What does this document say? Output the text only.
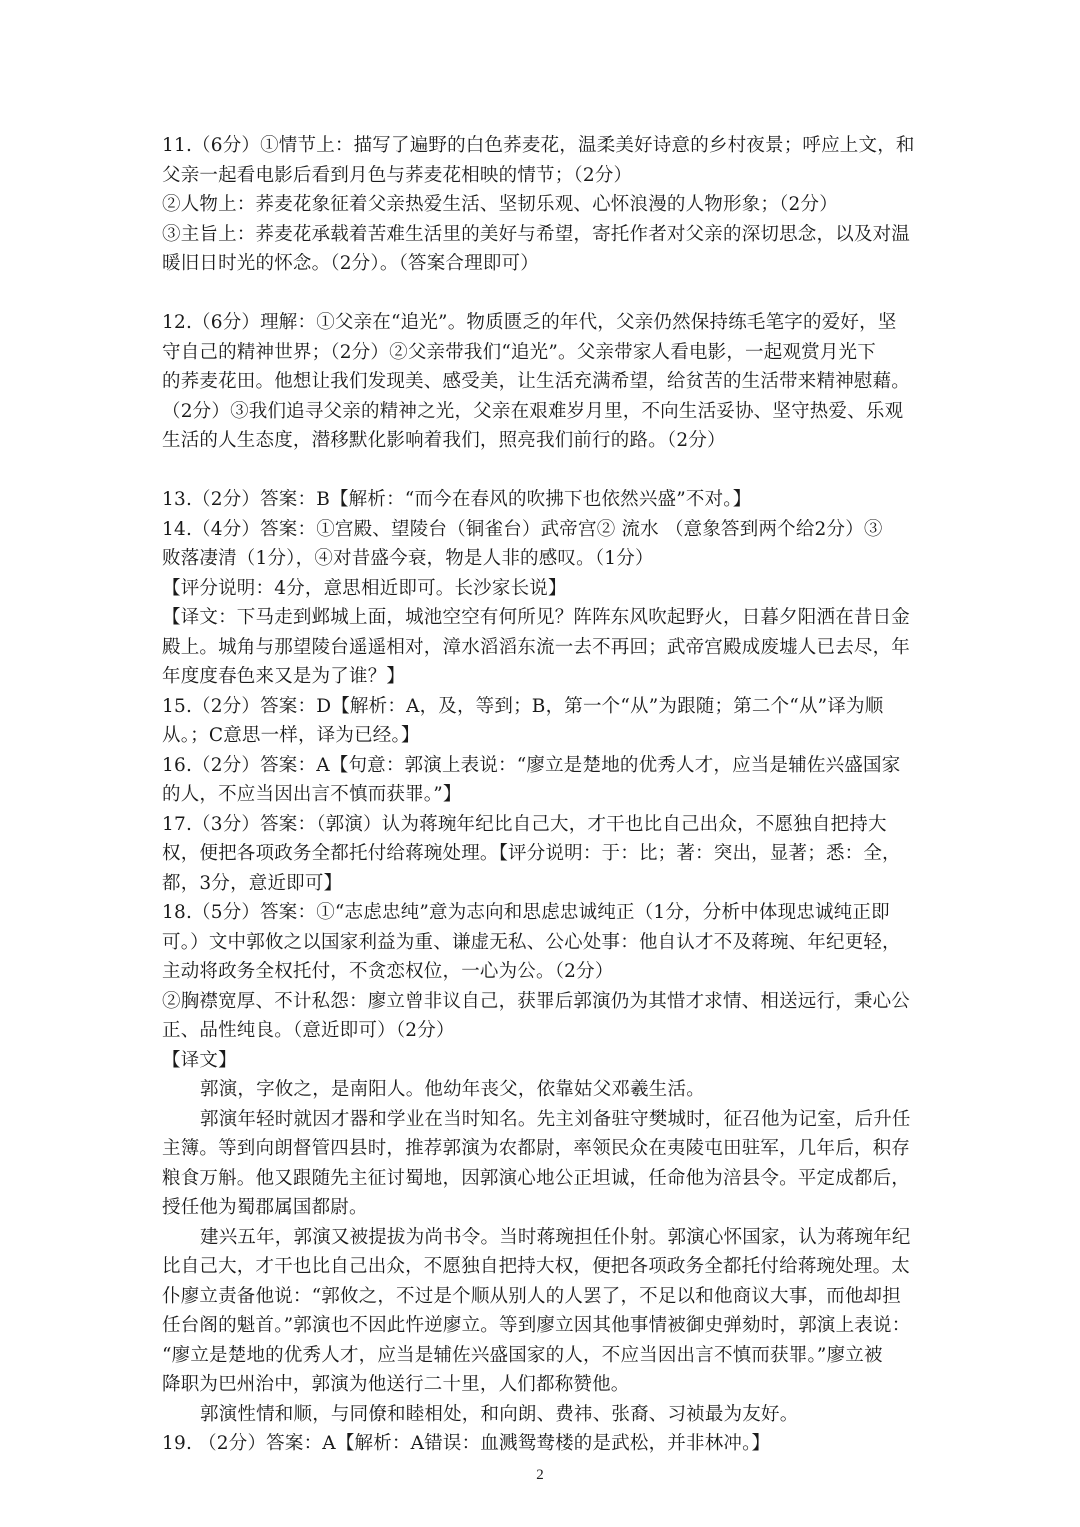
11.（6分）①情节上：描写了遍野的白色荞麦花，温柔美好诗意的乡村夜景；呼应上文，和
父亲一起看电影后看到月色与荞麦花相映的情节；（2分）
②人物上：荞麦花象征着父亲热爱生活、坚韧乐观、心怀浪漫的人物形象；（2分）
③主旨上：荞麦花承载着苦难生活里的美好与希望，寄托作者对父亲的深切思念，以及对温
暖旧日时光的怀念。（2分）。（答案合理即可）
12.（6分）理解：①父亲在“追光”。物质匮乏的年代，父亲仍然保持练毛笔字的爱好，坚
守自己的精神世界；（2分）②父亲带我们“追光”。父亲带家人看电影，一起观赏月光下
的荞麦花田。他想让我们发现美、感受美，让生活充满希望，给贫苦的生活带来精神慰藉。
（2分）③我们追寻父亲的精神之光，父亲在艰难岁月里，不向生活妥协、坚守热爱、乐观
生活的人生态度，潜移默化影响着我们，照亮我们前行的路。（2分）
13.（2分）答案：B【解析：“而今在春风的吹拂下也依然兴盛”不对。】
14.（4分）答案：①宫殿、望陵台（铜雀台）武帝宫② 流水 （意象答到两个给2分）③
败落凄清（1分），④对昔盛今衰，物是人非的感叹。（1分）
【评分说明：4分，意思相近即可。长沙家长说】
【译文：下马走到邺城上面，城池空空有何所见？阵阵东风吹起野火，日暮夕阳洒在昔日金
殿上。城角与那望陵台遥遥相对，漳水滔滔东流一去不再回；武帝宫殿成废墟人已去尽，年
年度度春色来又是为了谁？】
15.（2分）答案：D【解析：A，及，等到；B，第一个“从”为跟随；第二个“从”译为顺
从。；C意思一样，译为已经。】
16.（2分）答案：A【句意：郭演上表说：“廖立是楚地的优秀人才，应当是辅佐兴盛国家
的人，不应当因出言不慎而获罪。”】
17.（3分）答案：（郭演）认为蒋琬年纪比自己大，才干也比自己出众，不愿独自把持大
权，便把各项政务全都托付给蒋琬处理。【评分说明：于：比；著：突出，显著；悉：全，
都，3分，意近即可】
18.（5分）答案：①“志虑忠纯”意为志向和思虑忠诚纯正（1分，分析中体现忠诚纯正即
可。）文中郭攸之以国家利益为重、谦虚无私、公心处事：他自认才不及蒋琬、年纪更轻，
主动将政务全权托付，不贪恋权位，一心为公。（2分）
②胸襟宽厚、不计私怨：廖立曾非议自己，获罪后郭演仍为其惜才求情、相送远行，秉心公
正、品性纯良。（意近即可）（2分）
【译文】
郭演，字攸之，是南阳人。他幼年丧父，依靠姑父邓羲生活。
郭演年轻时就因才器和学业在当时知名。先主刘备驻守樊城时，征召他为记室，后升任
主簿。等到向朗督管四县时，推荐郭演为农都尉，率领民众在夷陵屯田驻军，几年后，积存
粮食万斛。他又跟随先主征讨蜀地，因郭演心地公正坦诚，任命他为涪县令。平定成都后，
授任他为蜀郡属国都尉。
建兴五年，郭演又被提拔为尚书令。当时蒋琬担任仆射。郭演心怀国家，认为蒋琬年纪
比自己大，才干也比自己出众，不愿独自把持大权，便把各项政务全都托付给蒋琬处理。太
仆廖立责备他说：“郭攸之，不过是个顺从别人的人罢了，不足以和他商议大事，而他却担
任台阁的魁首。”郭演也不因此忤逆廖立。等到廖立因其他事情被御史弹劾时，郭演上表说：
“廖立是楚地的优秀人才，应当是辅佐兴盛国家的人，不应当因出言不慎而获罪。”廖立被
降职为巴州治中，郭演为他送行二十里，人们都称赞他。
郭演性情和顺，与同僚和睦相处，和向朗、费祎、张裔、习祯最为友好。
19. （2分）答案：A【解析：A错误：血溅鸳鸯楼的是武松，并非林冲。】
2
